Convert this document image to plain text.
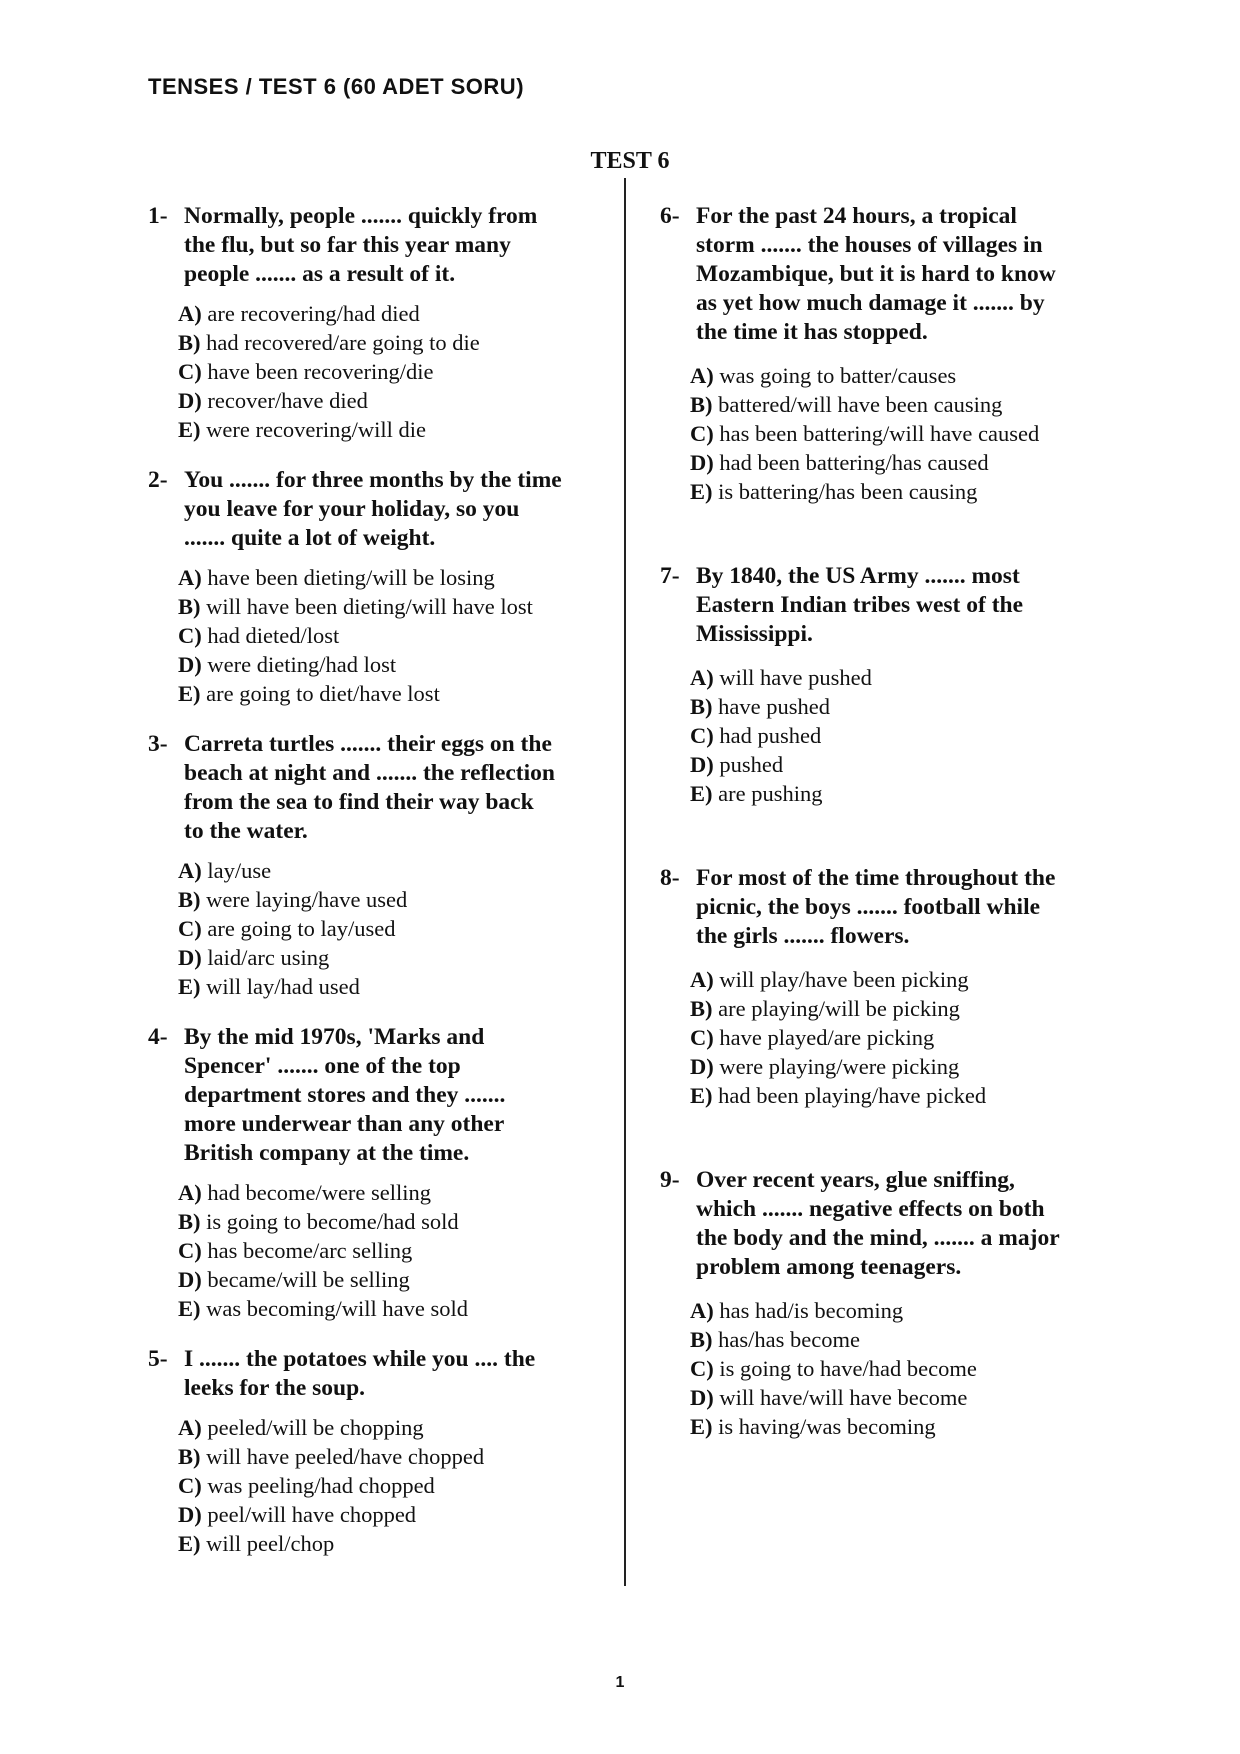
TENSES / TEST 6 (60 ADET SORU)
TEST 6
1- Normally, people ....... quickly from
the flu, but so far this year many
people ....... as a result of it.
A) are recovering/had died
B) had recovered/are going to die
C) have been recovering/die
D) recover/have died
E) were recovering/will die
2- You ....... for three months by the time
you leave for your holiday, so you
....... quite a lot of weight.
A) have been dieting/will be losing
B) will have been dieting/will have lost
C) had dieted/lost
D) were dieting/had lost
E) are going to diet/have lost
3- Carreta turtles ....... their eggs on the
beach at night and ....... the reflection
from the sea to find their way back
to the water.
A) lay/use
B) were laying/have used
C) are going to lay/used
D) laid/arc using
E) will lay/had used
4- By the mid 1970s, 'Marks and
Spencer' ....... one of the top
department stores and they .......
more underwear than any other
British company at the time.
A) had become/were selling
B) is going to become/had sold
C) has become/arc selling
D) became/will be selling
E) was becoming/will have sold
5- I ....... the potatoes while you .... the
leeks for the soup.
A) peeled/will be chopping
B) will have peeled/have chopped
C) was peeling/had chopped
D) peel/will have chopped
E) will peel/chop
6- For the past 24 hours, a tropical
storm ....... the houses of villages in
Mozambique, but it is hard to know
as yet how much damage it ....... by
the time it has stopped.
A) was going to batter/causes
B) battered/will have been causing
C) has been battering/will have caused
D) had been battering/has caused
E) is battering/has been causing
7- By 1840, the US Army ....... most
Eastern Indian tribes west of the
Mississippi.
A) will have pushed
B) have pushed
C) had pushed
D) pushed
E) are pushing
8- For most of the time throughout the
picnic, the boys ....... football while
the girls ....... flowers.
A) will play/have been picking
B) are playing/will be picking
C) have played/are picking
D) were playing/were picking
E) had been playing/have picked
9- Over recent years, glue sniffing,
which ....... negative effects on both
the body and the mind, ....... a major
problem among teenagers.
A) has had/is becoming
B) has/has become
C) is going to have/had become
D) will have/will have become
E) is having/was becoming
1
